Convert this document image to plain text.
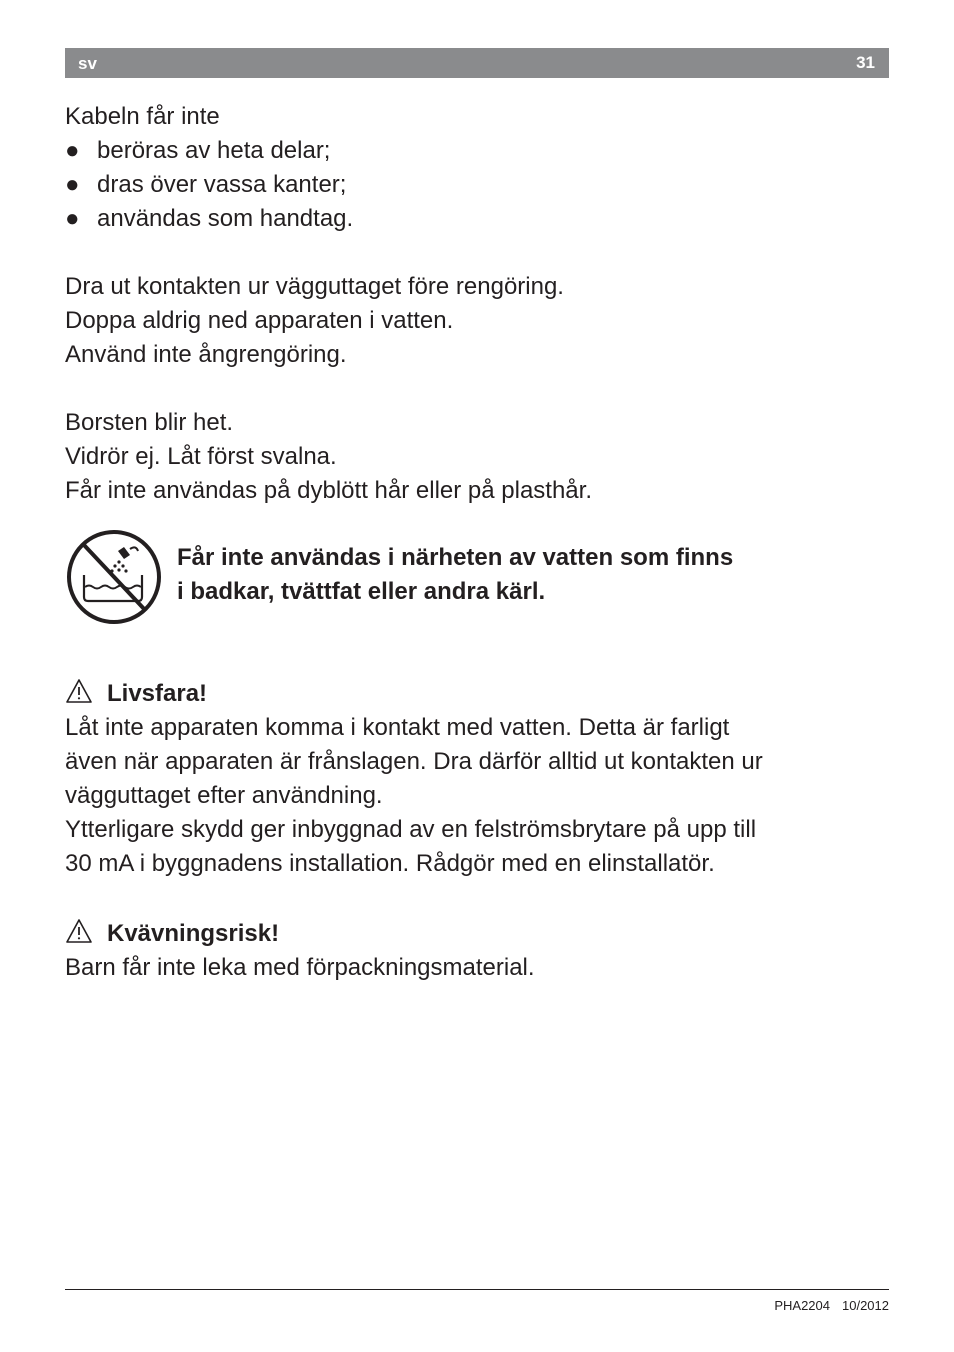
sv	31
Kabeln får inte
● beröras av heta delar;
● dras över vassa kanter;
● användas som handtag.
Dra ut kontakten ur vägguttaget före rengöring.
Doppa aldrig ned apparaten i vatten.
Använd inte ångrengöring.
Borsten blir het.
Vidrör ej. Låt först svalna.
Får inte användas på dyblött hår eller på plasthår.
Får inte användas i närheten av vatten som finns
i badkar, tvättfat eller andra kärl.
Livsfara!
Låt inte apparaten komma i kontakt med vatten. Detta är farligt
även när apparaten är frånslagen. Dra därför alltid ut kontakten ur
vägguttaget efter användning.
Ytterligare skydd ger inbyggnad av en felströmsbrytare på upp till
30 mA i byggnadens installation. Rådgör med en elinstallatör.
Kvävningsrisk!
Barn får inte leka med förpackningsmaterial.
PHA2204 10/2012
